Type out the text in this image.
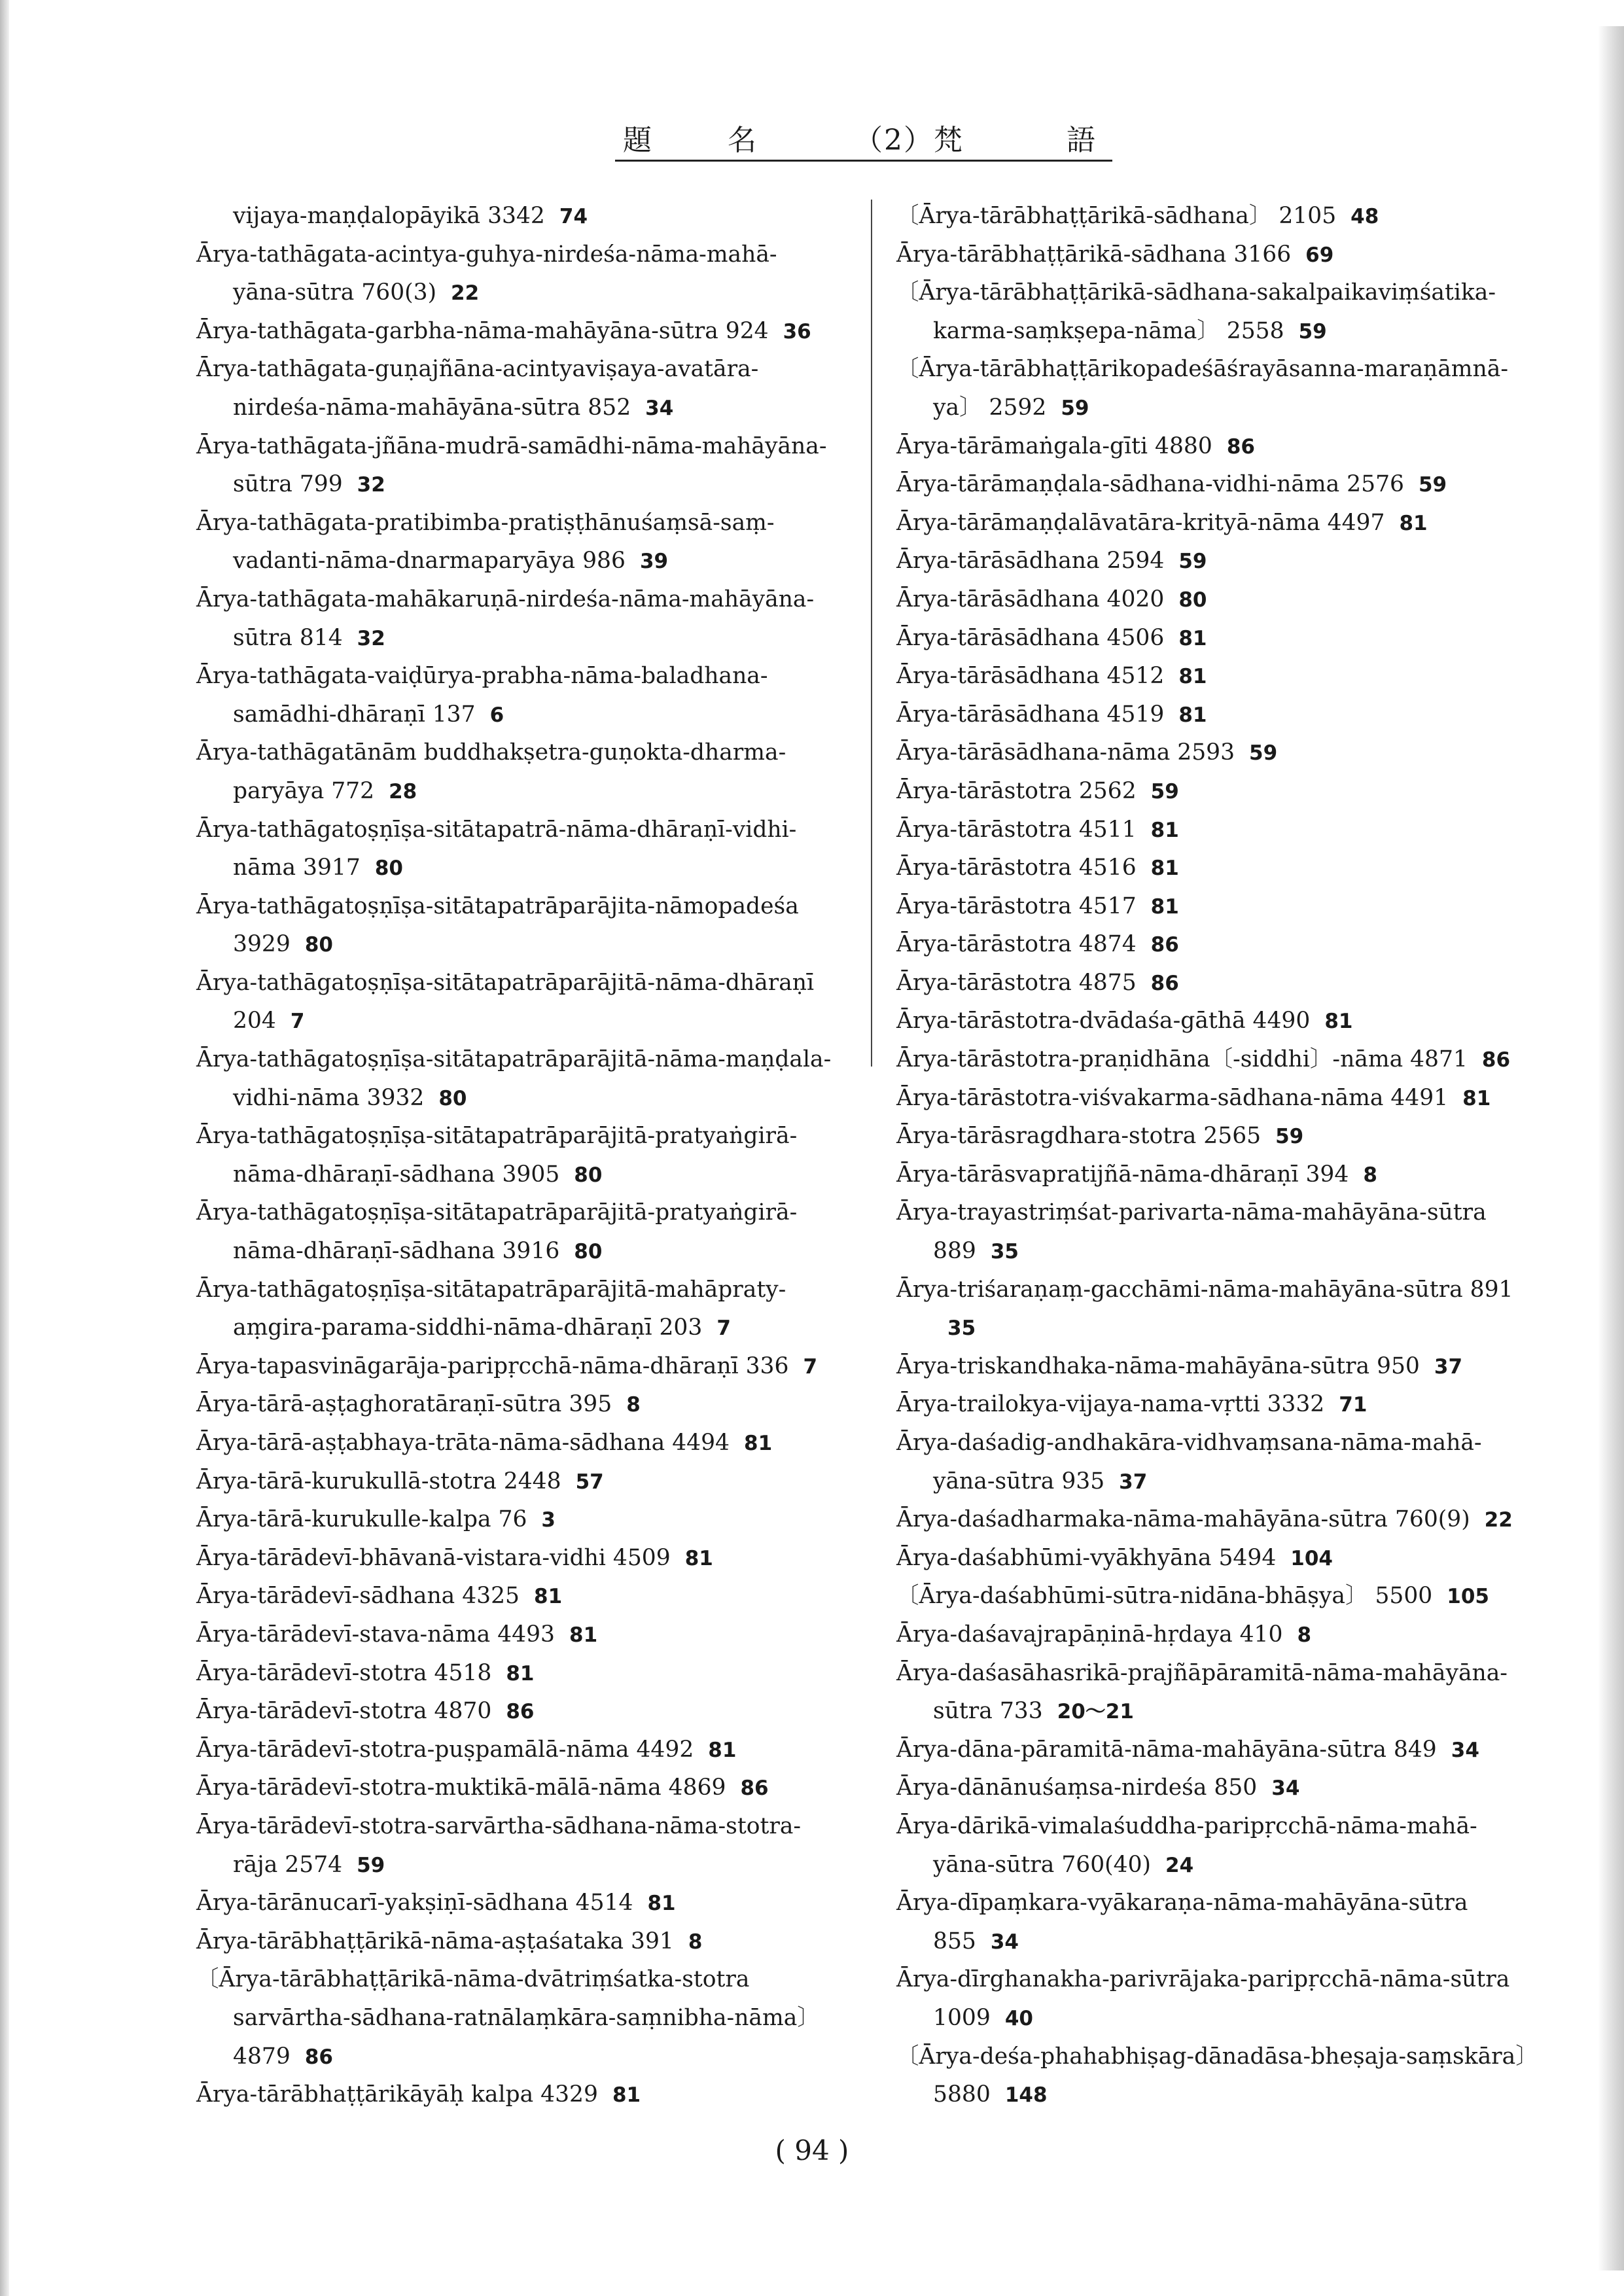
題	名	（2）梵	語
vijaya-maṇḍalopāyikā 3342 74
Ārya-tathāgata-acintya-guhya-nirdeśa-nāma-mahā-
yāna-sūtra 760(3) 22
Ārya-tathāgata-garbha-nāma-mahāyāna-sūtra 924 36
Ārya-tathāgata-guṇajñāna-acintyaviṣaya-avatāra-
nirdeśa-nāma-mahāyāna-sūtra 852 34
Ārya-tathāgata-jñāna-mudrā-samādhi-nāma-mahāyāna-
sūtra 799 32
Ārya-tathāgata-pratibimba-pratiṣṭhānuśaṃsā-saṃ-
vadanti-nāma-dnarmaparyāya 986 39
Ārya-tathāgata-mahākaruṇā-nirdeśa-nāma-mahāyāna-
sūtra 814 32
Ārya-tathāgata-vaiḍūrya-prabha-nāma-baladhana-
samādhi-dhāraṇī 137 6
Ārya-tathāgatānām buddhakṣetra-guṇokta-dharma-
paryāya 772 28
Ārya-tathāgatoṣṇīṣa-sitātapatrā-nāma-dhāraṇī-vidhi-
nāma 3917 80
Ārya-tathāgatoṣṇīṣa-sitātapatrāparājita-nāmopadeśa
3929 80
Ārya-tathāgatoṣṇīṣa-sitātapatrāparājitā-nāma-dhāraṇī
204 7
Ārya-tathāgatoṣṇīṣa-sitātapatrāparājitā-nāma-maṇḍala-
vidhi-nāma 3932 80
Ārya-tathāgatoṣṇīṣa-sitātapatrāparājitā-pratyaṅgirā-
nāma-dhāraṇī-sādhana 3905 80
Ārya-tathāgatoṣṇīṣa-sitātapatrāparājitā-pratyaṅgirā-
nāma-dhāraṇī-sādhana 3916 80
Ārya-tathāgatoṣṇīṣa-sitātapatrāparājitā-mahāpraty-
aṃgira-parama-siddhi-nāma-dhāraṇī 203 7
Ārya-tapasvināgarāja-paripṛcchā-nāma-dhāraṇī 336 7
Ārya-tārā-aṣṭaghoratāraṇī-sūtra 395 8
Ārya-tārā-aṣṭabhaya-trāta-nāma-sādhana 4494 81
Ārya-tārā-kurukullā-stotra 2448 57
Ārya-tārā-kurukulle-kalpa 76 3
Ārya-tārādevī-bhāvanā-vistara-vidhi 4509 81
Ārya-tārādevī-sādhana 4325 81
Ārya-tārādevī-stava-nāma 4493 81
Ārya-tārādevī-stotra 4518 81
Ārya-tārādevī-stotra 4870 86
Ārya-tārādevī-stotra-puṣpamālā-nāma 4492 81
Ārya-tārādevī-stotra-muktikā-mālā-nāma 4869 86
Ārya-tārādevī-stotra-sarvārtha-sādhana-nāma-stotra-
rāja 2574 59
Ārya-tārānucarī-yakṣiṇī-sādhana 4514 81
Ārya-tārābhaṭṭārikā-nāma-aṣṭaśataka 391 8
〔Ārya-tārābhaṭṭārikā-nāma-dvātriṃśatka-stotra
sarvārtha-sādhana-ratnālaṃkāra-saṃnibha-nāma〕
4879 86
Ārya-tārābhaṭṭārikāyāḥ kalpa 4329 81
〔Ārya-tārābhaṭṭārikā-sādhana〕 2105 48
Ārya-tārābhaṭṭārikā-sādhana 3166 69
〔Ārya-tārābhaṭṭārikā-sādhana-sakalpaikaviṃśatika-
karma-saṃkṣepa-nāma〕 2558 59
〔Ārya-tārābhaṭṭārikopadeśāśrayāsanna-maraṇāmnā-
ya〕 2592 59
Ārya-tārāmaṅgala-gīti 4880 86
Ārya-tārāmaṇḍala-sādhana-vidhi-nāma 2576 59
Ārya-tārāmaṇḍalāvatāra-krityā-nāma 4497 81
Ārya-tārāsādhana 2594 59
Ārya-tārāsādhana 4020 80
Ārya-tārāsādhana 4506 81
Ārya-tārāsādhana 4512 81
Ārya-tārāsādhana 4519 81
Ārya-tārāsādhana-nāma 2593 59
Ārya-tārāstotra 2562 59
Ārya-tārāstotra 4511 81
Ārya-tārāstotra 4516 81
Ārya-tārāstotra 4517 81
Ārya-tārāstotra 4874 86
Ārya-tārāstotra 4875 86
Ārya-tārāstotra-dvādaśa-gāthā 4490 81
Ārya-tārāstotra-praṇidhāna〔-siddhi〕-nāma 4871 86
Ārya-tārāstotra-viśvakarma-sādhana-nāma 4491 81
Ārya-tārāsragdhara-stotra 2565 59
Ārya-tārāsvapratijñā-nāma-dhāraṇī 394 8
Ārya-trayastriṃśat-parivarta-nāma-mahāyāna-sūtra
889 35
Ārya-triśaraṇaṃ-gacchāmi-nāma-mahāyāna-sūtra 891
35
Ārya-triskandhaka-nāma-mahāyāna-sūtra 950 37
Ārya-trailokya-vijaya-nama-vṛtti 3332 71
Ārya-daśadig-andhakāra-vidhvaṃsana-nāma-mahā-
yāna-sūtra 935 37
Ārya-daśadharmaka-nāma-mahāyāna-sūtra 760(9) 22
Ārya-daśabhūmi-vyākhyāna 5494 104
〔Ārya-daśabhūmi-sūtra-nidāna-bhāṣya〕 5500 105
Ārya-daśavajrapāṇinā-hṛdaya 410 8
Ārya-daśasāhasrikā-prajñāpāramitā-nāma-mahāyāna-
sūtra 733 20～21
Ārya-dāna-pāramitā-nāma-mahāyāna-sūtra 849 34
Ārya-dānānuśaṃsa-nirdeśa 850 34
Ārya-dārikā-vimalaśuddha-paripṛcchā-nāma-mahā-
yāna-sūtra 760(40) 24
Ārya-dīpaṃkara-vyākaraṇa-nāma-mahāyāna-sūtra
855 34
Ārya-dīrghanakha-parivrājaka-paripṛcchā-nāma-sūtra
1009 40
〔Ārya-deśa-phahabhiṣag-dānadāsa-bheṣaja-saṃskāra〕
5880 148
( 94 )
